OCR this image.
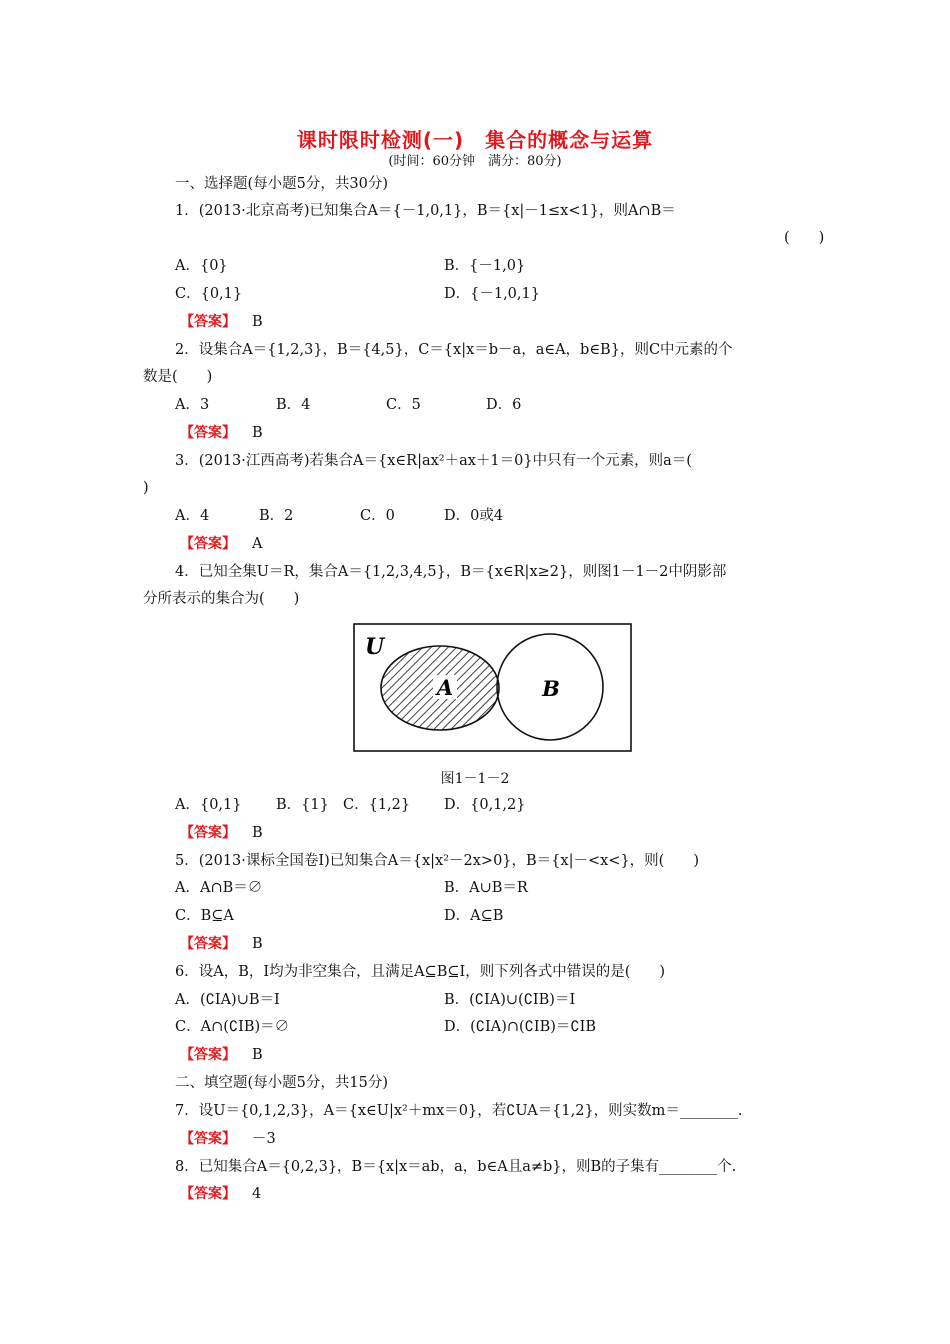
课时限时检测(一)　集合的概念与运算
(时间：60分钟　满分：80分)
一、选择题(每小题5分，共30分)
1．(2013·北京高考)已知集合A＝{－1,0,1}，B＝{x|－1≤x<1}，则A∩B＝
(　　)
A．{0}	B．{－1,0}
C．{0,1}	D．{－1,0,1}
【答案】 B
2．设集合A＝{1,2,3}，B＝{4,5}，C＝{x|x＝b－a，a∈A，b∈B}，则C中元素的个
数是(　　)
A．3	B．4	C．5	D．6
【答案】 B
3．(2013·江西高考)若集合A＝{x∈R|ax²＋ax＋1＝0}中只有一个元素，则a＝(
)
A．4	B．2	C．0	D．0或4
【答案】 A
4．已知全集U＝R，集合A＝{1,2,3,4,5}，B＝{x∈R|x≥2}，则图1－1－2中阴影部
分所表示的集合为(　　)
U
A	B
图1－1－2
A．{0,1} B．{1} C．{1,2} D．{0,1,2}
【答案】 B
5．(2013·课标全国卷Ⅰ)已知集合A＝{x|x²－2x>0}，B＝{x|－<x<}，则(　　)
A．A∩B＝∅	B．A∪B＝R
C．B⊆A	D．A⊆B
【答案】 B
6．设A，B，I均为非空集合，且满足A⊆B⊆I，则下列各式中错误的是(　　)
A．(∁IA)∪B＝I	B．(∁IA)∪(∁IB)＝I
C．A∩(∁IB)＝∅	D．(∁IA)∩(∁IB)＝∁IB
【答案】 B
二、填空题(每小题5分，共15分)
7．设U＝{0,1,2,3}，A＝{x∈U|x²＋mx＝0}，若∁UA＝{1,2}，则实数m＝________.
【答案】 －3
8．已知集合A＝{0,2,3}，B＝{x|x＝ab，a，b∈A且a≠b}，则B的子集有________个.
【答案】 4
